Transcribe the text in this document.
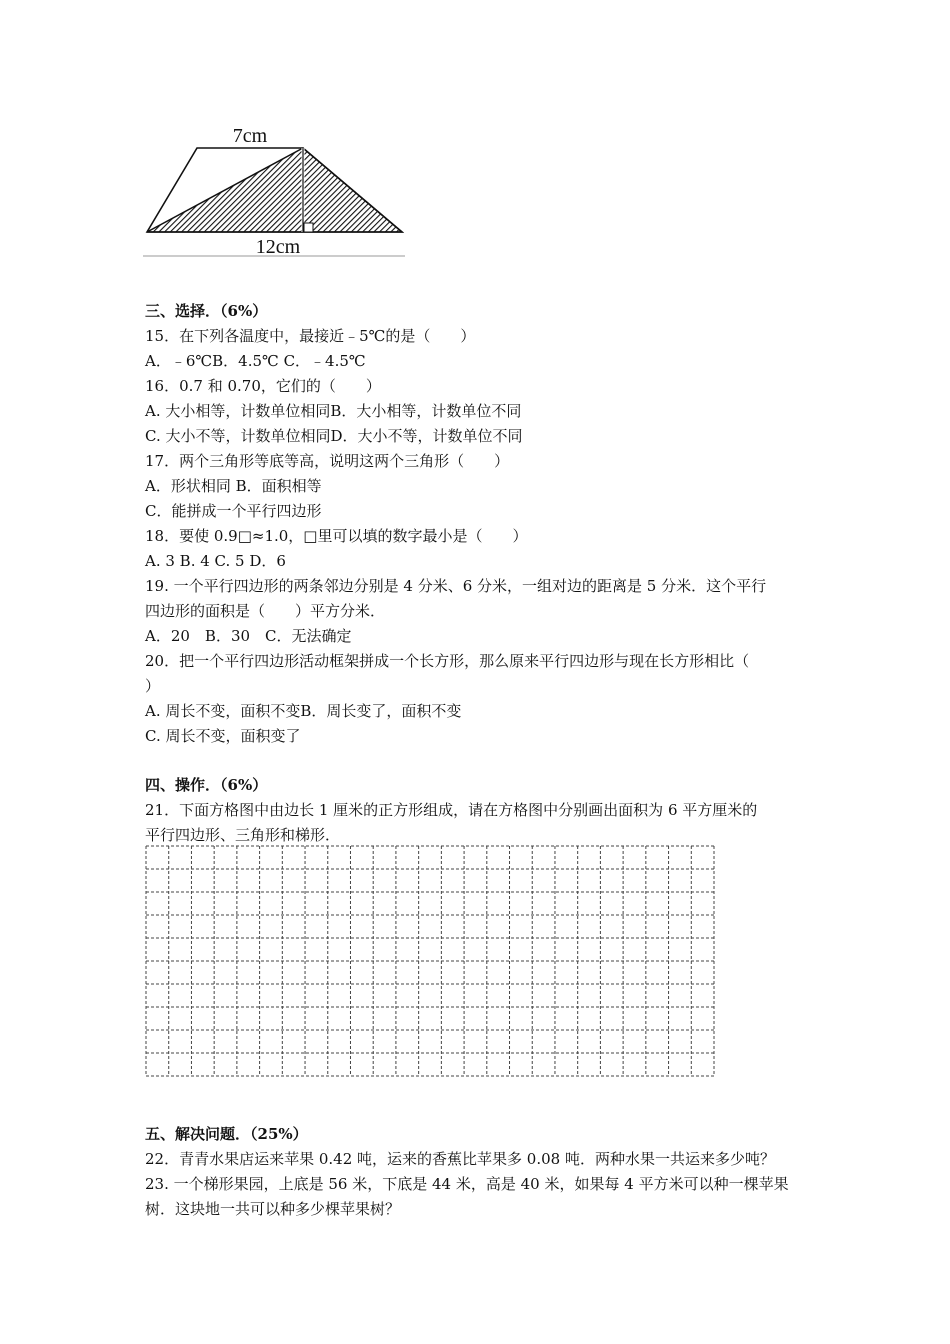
7cm
12cm
三、选择．（6%）
15．在下列各温度中，最接近﹣5℃的是（　　）
A．﹣6℃B．4.5℃ C．﹣4.5℃
16．0.7 和 0.70，它们的（　　）
A. 大小相等，计数单位相同B．大小相等，计数单位不同
C. 大小不等，计数单位相同D．大小不等，计数单位不同
17．两个三角形等底等高，说明这两个三角形（　　）
A．形状相同 B．面积相等
C．能拼成一个平行四边形
18．要使 0.9□≈1.0，□里可以填的数字最小是（　　）
A. 3 B. 4 C. 5 D．6
19. 一个平行四边形的两条邻边分别是 4 分米、6 分米，一组对边的距离是 5 分米．这个平行
四边形的面积是（　　）平方分米．
A．20　B．30　C．无法确定
20．把一个平行四边形活动框架拼成一个长方形，那么原来平行四边形与现在长方形相比（
）
A. 周长不变，面积不变B．周长变了，面积不变
C. 周长不变，面积变了
四、操作．（6%）
21．下面方格图中由边长 1 厘米的正方形组成，请在方格图中分别画出面积为 6 平方厘米的
平行四边形、三角形和梯形．
五、解决问题．（25%）
22．青青水果店运来苹果 0.42 吨，运来的香蕉比苹果多 0.08 吨．两种水果一共运来多少吨？
23. 一个梯形果园，上底是 56 米，下底是 44 米，高是 40 米，如果每 4 平方米可以种一棵苹果
树．这块地一共可以种多少棵苹果树？
